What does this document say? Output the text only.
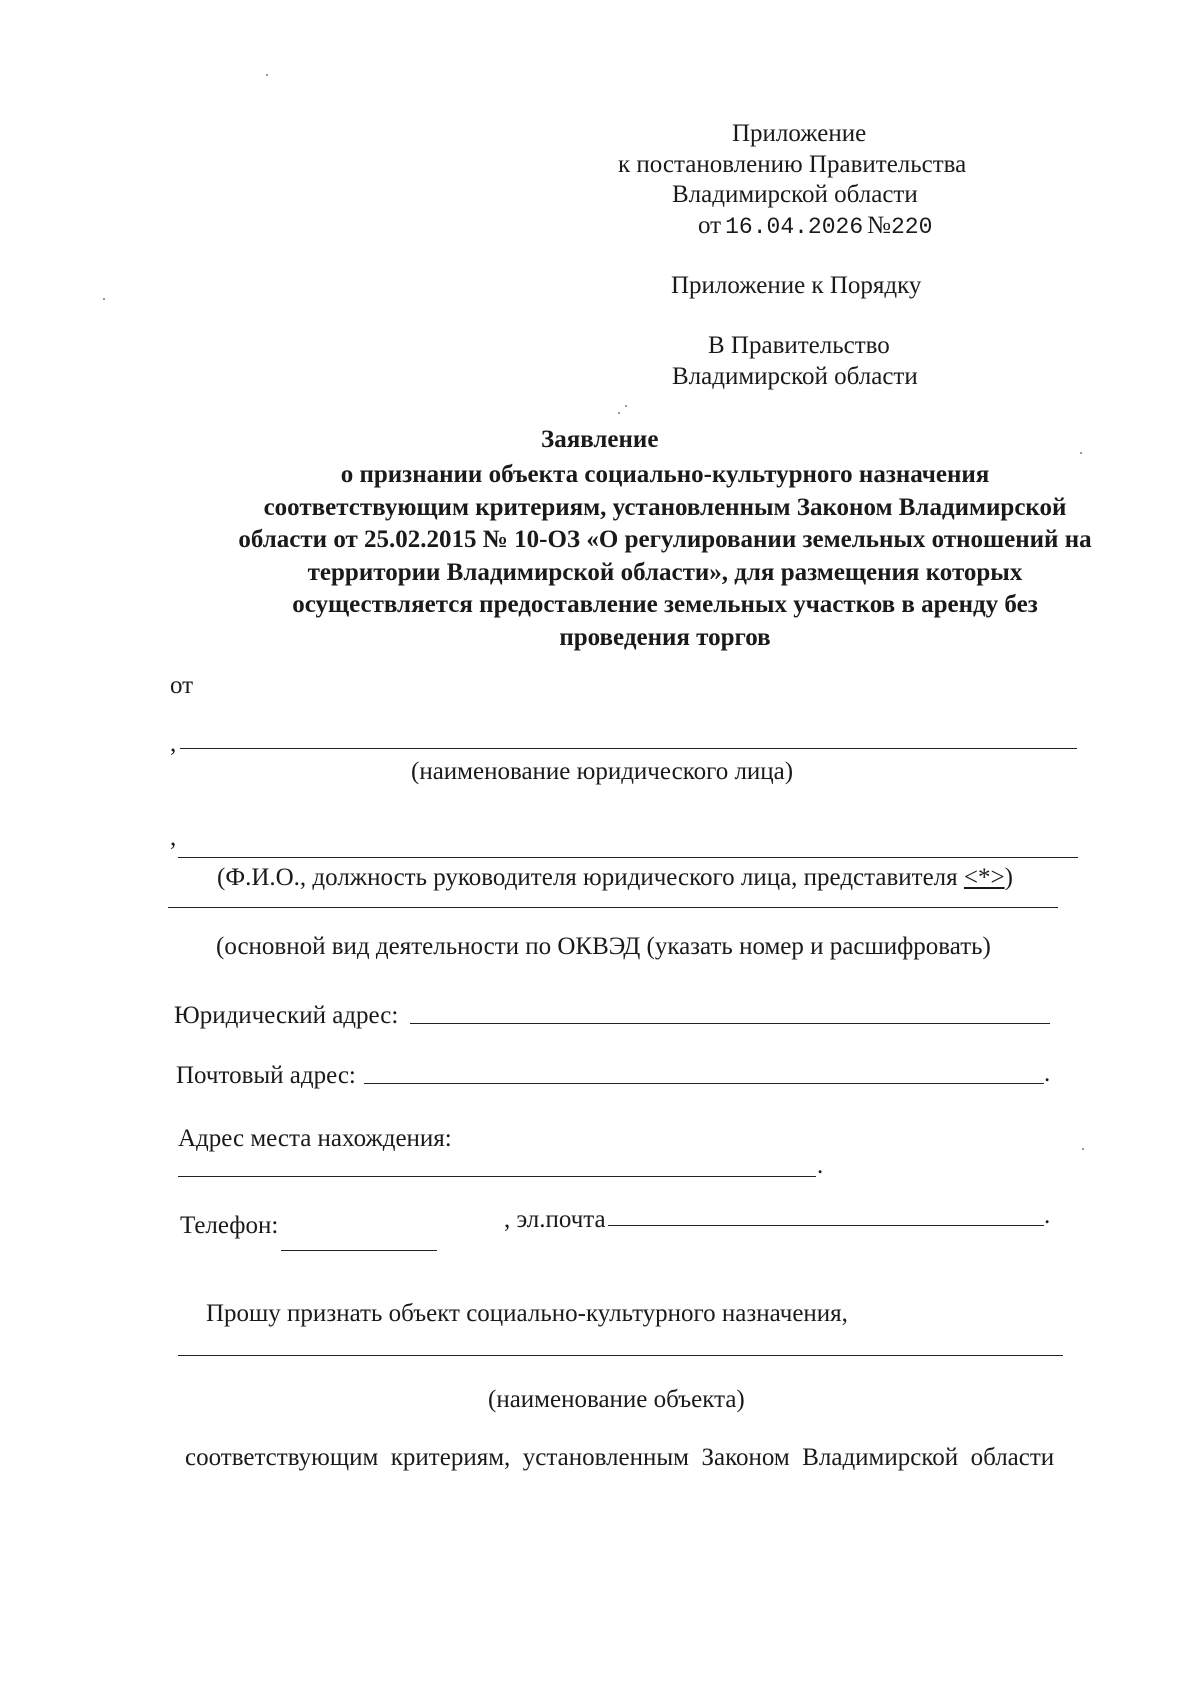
Приложение
к постановлению Правительства
Владимирской области
от 16.04.2026 №220
Приложение к Порядку
В Правительство
Владимирской области
Заявление
о признании объекта социально-культурного назначения
соответствующим критериям, установленным Законом Владимирской
области от 25.02.2015 № 10-ОЗ «О регулировании земельных отношений на
территории Владимирской области», для размещения которых
осуществляется предоставление земельных участков в аренду без
проведения торгов
от
,
(наименование юридического лица)
,
(Ф.И.О., должность руководителя юридического лица, представителя <*>)
(основной вид деятельности по ОКВЭД (указать номер и расшифровать)
Юридический адрес:
Почтовый адрес:	.
Адрес места нахождения:
.
Телефон:	, эл.почта	.
Прошу признать объект социально-культурного назначения,
(наименование объекта)
соответствующим  критериям,  установленным  Законом  Владимирской  области
